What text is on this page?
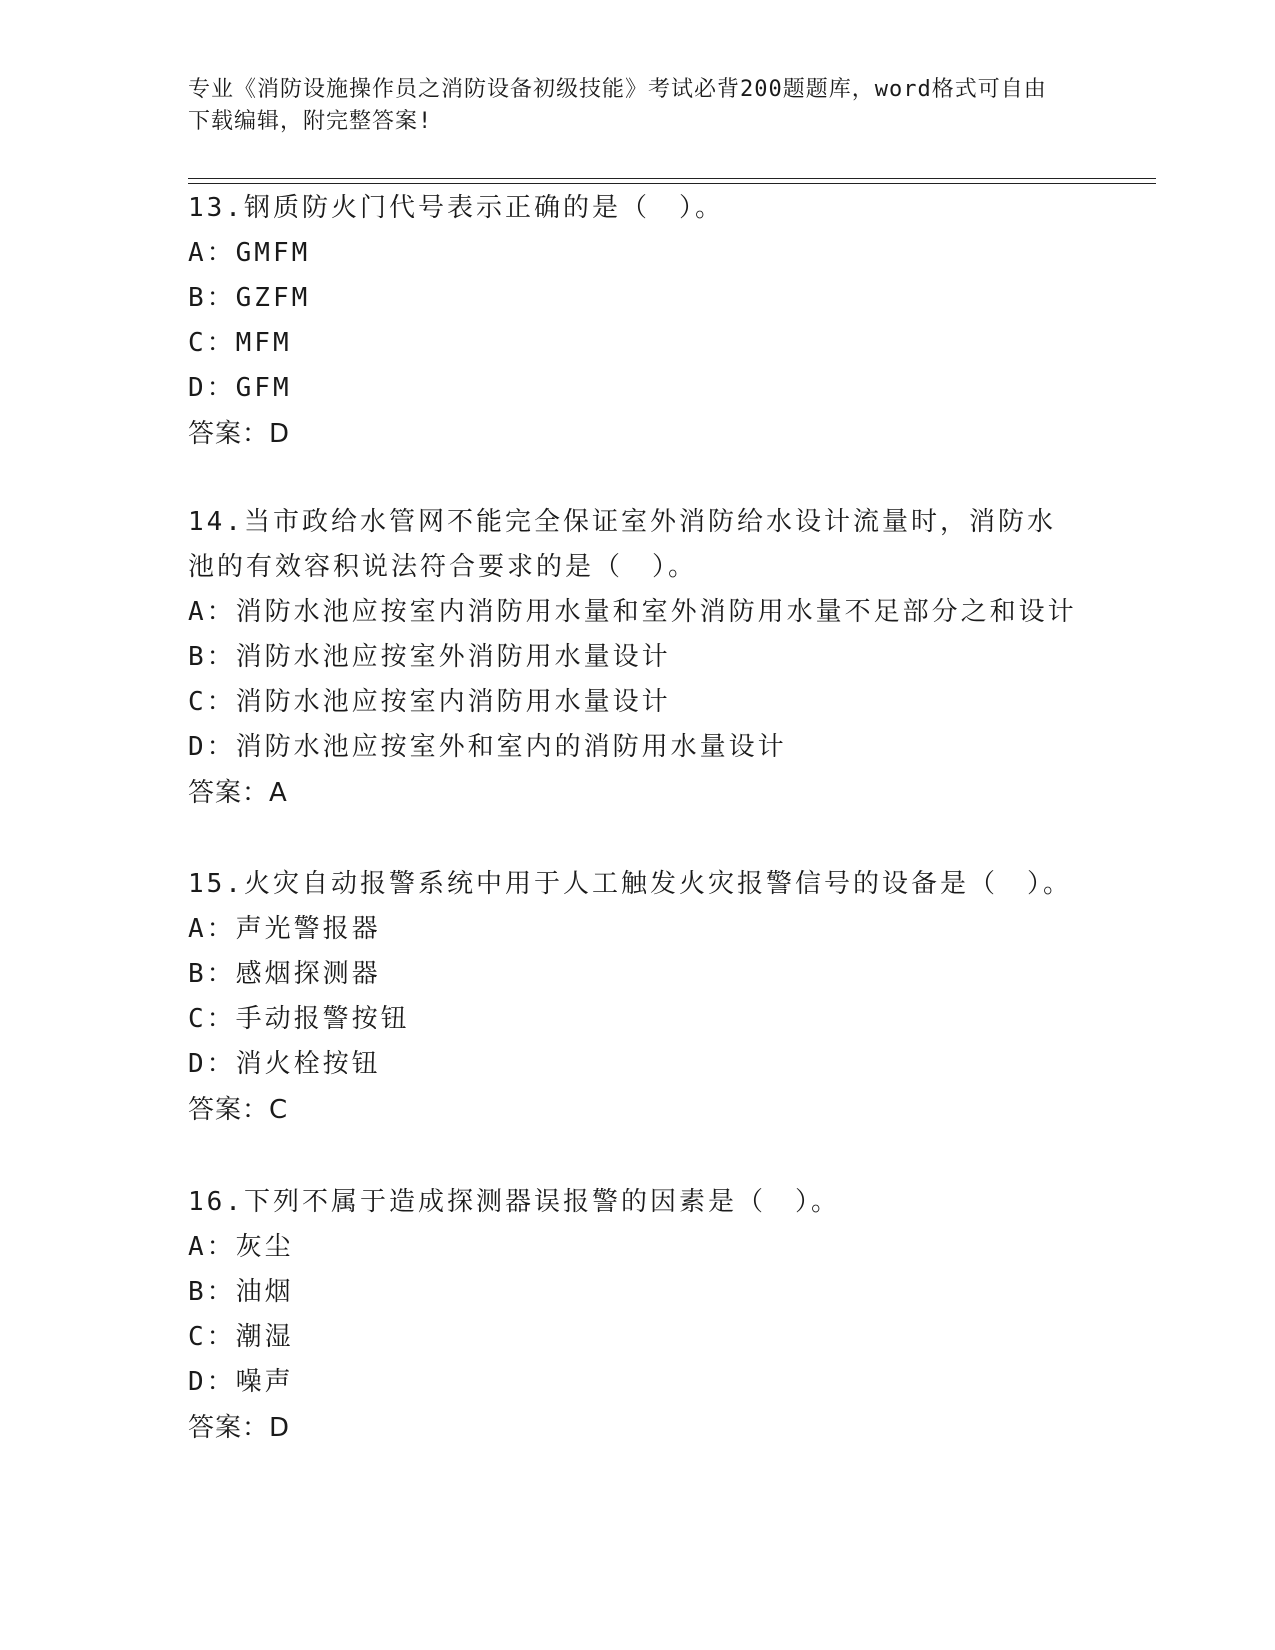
专业《消防设施操作员之消防设备初级技能》考试必背200题题库，word格式可自由下载编辑，附完整答案!
13.钢质防火门代号表示正确的是（　）。
A：GMFM
B：GZFM
C：MFM
D：GFM
答案：D
14.当市政给水管网不能完全保证室外消防给水设计流量时，消防水池的有效容积说法符合要求的是（　）。
A：消防水池应按室内消防用水量和室外消防用水量不足部分之和设计
B：消防水池应按室外消防用水量设计
C：消防水池应按室内消防用水量设计
D：消防水池应按室外和室内的消防用水量设计
答案：A
15.火灾自动报警系统中用于人工触发火灾报警信号的设备是（　）。
A：声光警报器
B：感烟探测器
C：手动报警按钮
D：消火栓按钮
答案：C
16.下列不属于造成探测器误报警的因素是（　）。
A：灰尘
B：油烟
C：潮湿
D：噪声
答案：D
